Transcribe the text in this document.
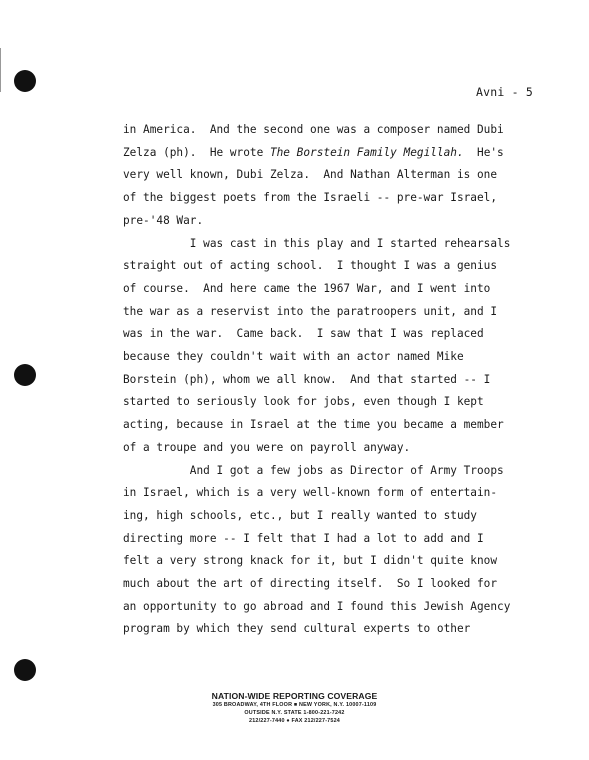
Avni - 5
in America.  And the second one was a composer named Dubi
Zelza (ph).  He wrote The Borstein Family Megillah.  He's
very well known, Dubi Zelza.  And Nathan Alterman is one
of the biggest poets from the Israeli -- pre-war Israel,
pre-'48 War.
I was cast in this play and I started rehearsals
straight out of acting school.  I thought I was a genius
of course.  And here came the 1967 War, and I went into
the war as a reservist into the paratroopers unit, and I
was in the war.  Came back.  I saw that I was replaced
because they couldn't wait with an actor named Mike
Borstein (ph), whom we all know.  And that started -- I
started to seriously look for jobs, even though I kept
acting, because in Israel at the time you became a member
of a troupe and you were on payroll anyway.
And I got a few jobs as Director of Army Troops
in Israel, which is a very well-known form of entertain-
ing, high schools, etc., but I really wanted to study
directing more -- I felt that I had a lot to add and I
felt a very strong knack for it, but I didn't quite know
much about the art of directing itself.  So I looked for
an opportunity to go abroad and I found this Jewish Agency
program by which they send cultural experts to other
NATION-WIDE REPORTING COVERAGE
305 BROADWAY, 4TH FLOOR ■ NEW YORK, N.Y. 10007-1109
OUTSIDE N.Y. STATE 1-800-221-7242
212/227-7440 ● FAX 212/227-7524
